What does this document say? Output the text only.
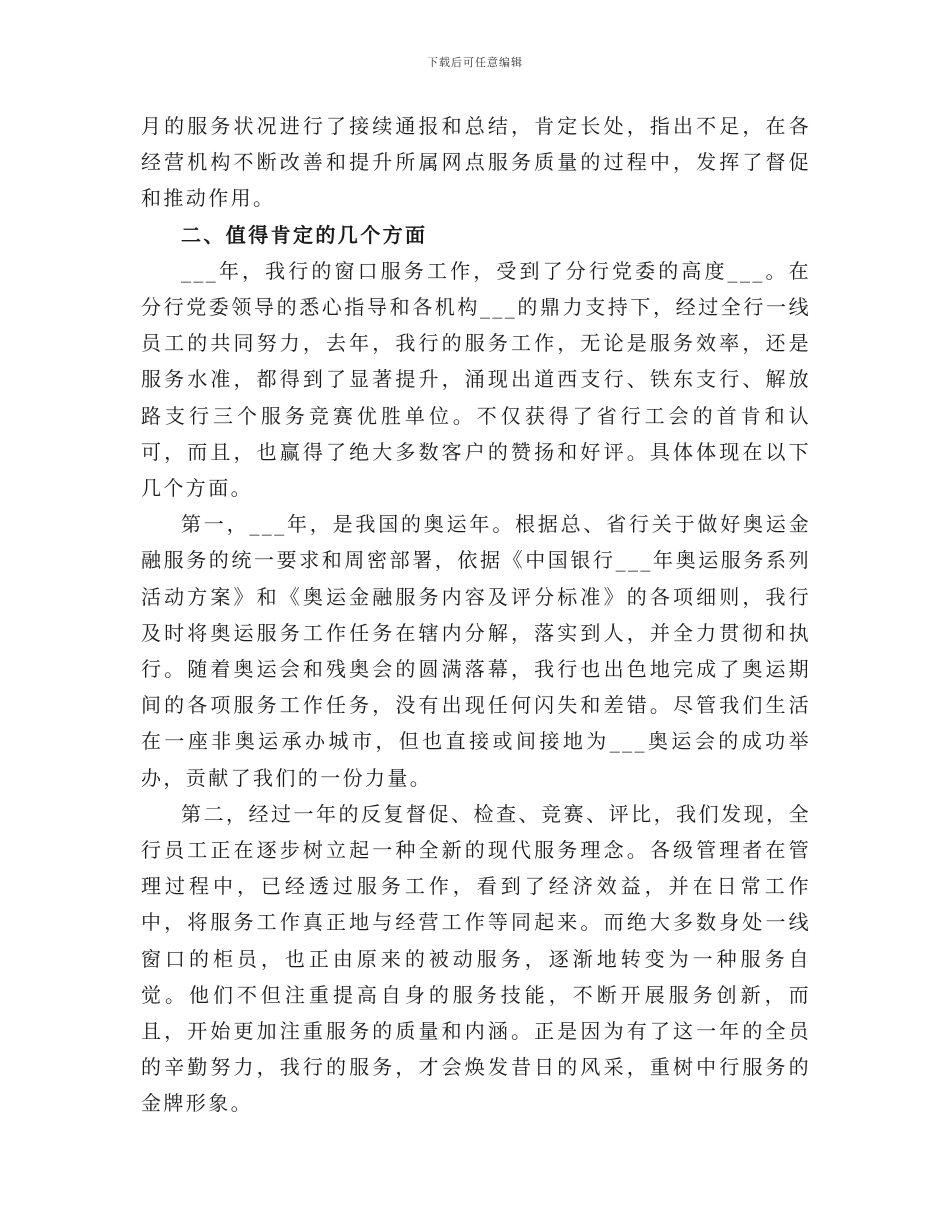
下载后可任意编辑

月的服务状况进行了接续通报和总结，肯定长处，指出不足，在各经营机构不断改善和提升所属网点服务质量的过程中，发挥了督促和推动作用。

二、值得肯定的几个方面

___年，我行的窗口服务工作，受到了分行党委的高度___。在分行党委领导的悉心指导和各机构___的鼎力支持下，经过全行一线员工的共同努力，去年，我行的服务工作，无论是服务效率，还是服务水准，都得到了显著提升，涌现出道西支行、铁东支行、解放路支行三个服务竞赛优胜单位。不仅获得了省行工会的首肯和认可，而且，也赢得了绝大多数客户的赞扬和好评。具体体现在以下几个方面。

第一，___年，是我国的奥运年。根据总、省行关于做好奥运金融服务的统一要求和周密部署，依据《中国银行___年奥运服务系列活动方案》和《奥运金融服务内容及评分标准》的各项细则，我行及时将奥运服务工作任务在辖内分解，落实到人，并全力贯彻和执行。随着奥运会和残奥会的圆满落幕，我行也出色地完成了奥运期间的各项服务工作任务，没有出现任何闪失和差错。尽管我们生活在一座非奥运承办城市，但也直接或间接地为___奥运会的成功举办，贡献了我们的一份力量。

第二，经过一年的反复督促、检查、竞赛、评比，我们发现，全行员工正在逐步树立起一种全新的现代服务理念。各级管理者在管理过程中，已经透过服务工作，看到了经济效益，并在日常工作中，将服务工作真正地与经营工作等同起来。而绝大多数身处一线窗口的柜员，也正由原来的被动服务，逐渐地转变为一种服务自觉。他们不但注重提高自身的服务技能，不断开展服务创新，而且，开始更加注重服务的质量和内涵。正是因为有了这一年的全员的辛勤努力，我行的服务，才会焕发昔日的风采，重树中行服务的金牌形象。
